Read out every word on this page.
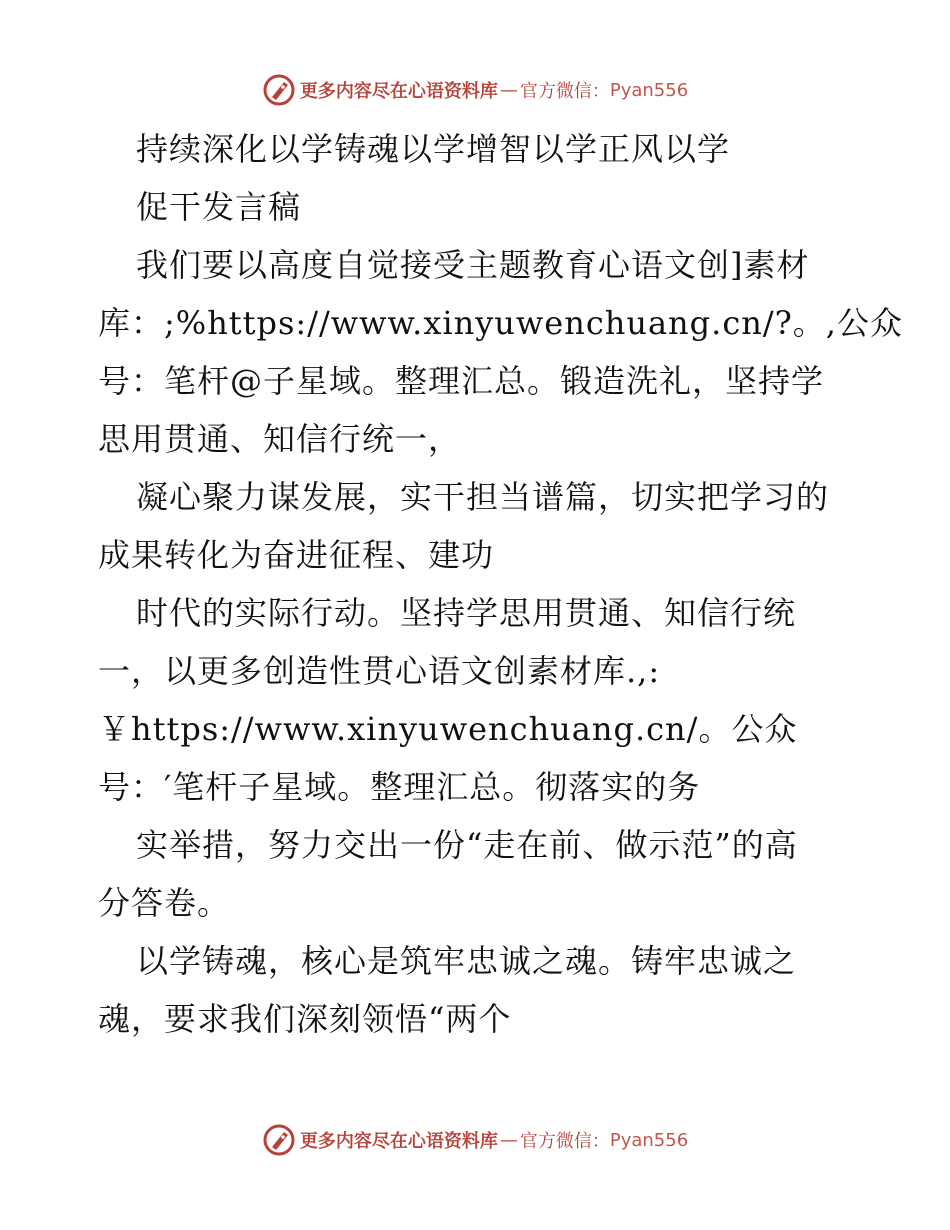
更多内容尽在心语资料库 — 官方微信： Pyan556
持续深化以学铸魂以学增智以学正风以学
促干发言稿
我们要以高度自觉接受主题教育心语文创]素材
库：;%https://www.xinyuwenchuang.cn/?。,公众
号：笔杆@子星域。整理汇总。锻造洗礼，坚持学
思用贯通、知信行统一，
凝心聚力谋发展，实干担当谱篇，切实把学习的
成果转化为奋进征程、建功
时代的实际行动。坚持学思用贯通、知信行统
一，以更多创造性贯心语文创素材库.,:
￥https://www.xinyuwenchuang.cn/。公众
号：′笔杆子星域。整理汇总。彻落实的务
实举措，努力交出一份“走在前、做示范”的高
分答卷。
以学铸魂，核心是筑牢忠诚之魂。铸牢忠诚之
魂，要求我们深刻领悟“两个
更多内容尽在心语资料库 — 官方微信： Pyan556
